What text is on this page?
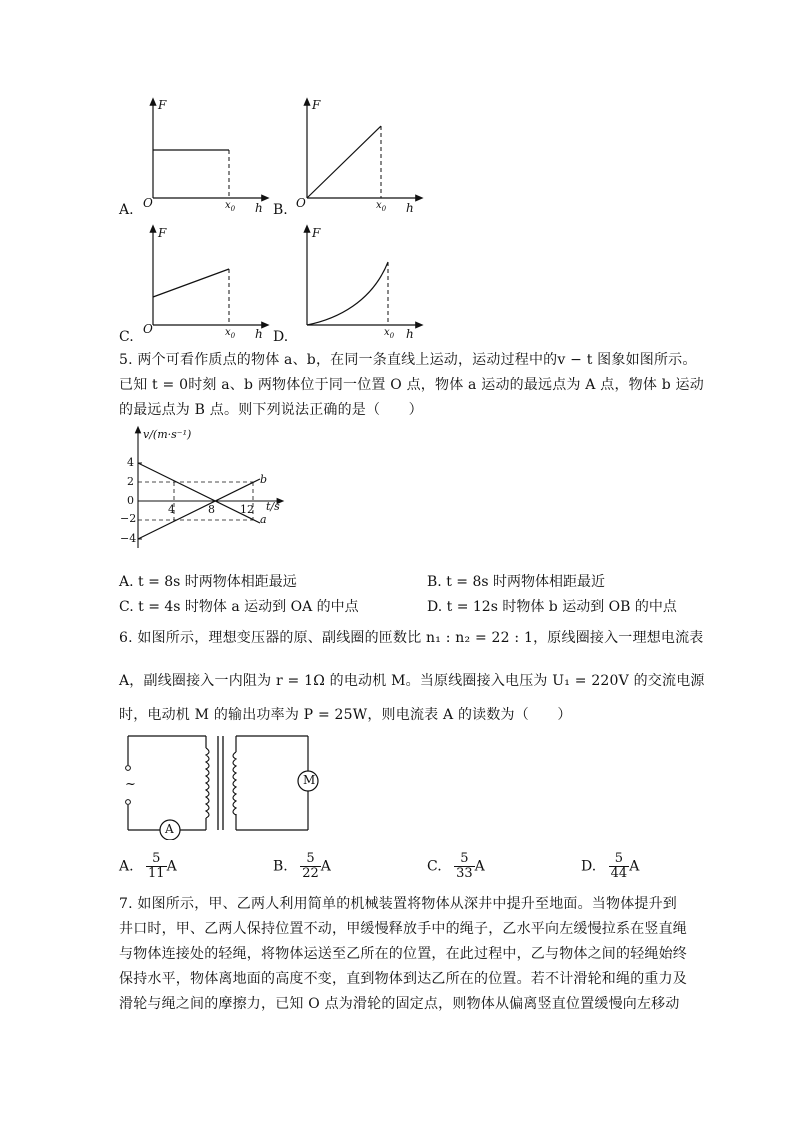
A.
F
O	$x_0$ h B.
F
O	$x_0$ h
C.
F
O	$x_0$ h D.
F
$x_0$ h
5. 两个可看作质点的物体 a、b，在同一条直线上运动，运动过程中的v − t 图象如图所示。
已知 t = 0时刻 a、b 两物体位于同一位置 O 点，物体 a 运动的最远点为 A 点，物体 b 运动
的最远点为 B 点。则下列说法正确的是（　　）
v/(m·s⁻¹)
t/s
4
2
0
−2
−4
4	8 12
b
a
A. t = 8s 时两物体相距最远	B. t = 8s 时两物体相距最近
C. t = 4s 时物体 a 运动到 OA 的中点	D. t = 12s 时物体 b 运动到 OB 的中点
6. 如图所示，理想变压器的原、副线圈的匝数比 n₁ : n₂ = 22 : 1，原线圈接入一理想电流表
A，副线圈接入一内阻为 r = 1Ω 的电动机 M。当原线圈接入电压为 U₁ = 220V 的交流电源
时，电动机 M 的输出功率为 P = 25W，则电流表 A 的读数为（　　）
~
A
M
A. $\frac{5}{11}$ A	B. $\frac{5}{22}$ A	C. $\frac{5}{33}$ A	D. $\frac{5}{44}$ A
7. 如图所示，甲、乙两人利用简单的机械装置将物体从深井中提升至地面。当物体提升到
井口时，甲、乙两人保持位置不动，甲缓慢释放手中的绳子，乙水平向左缓慢拉系在竖直绳
与物体连接处的轻绳，将物体运送至乙所在的位置，在此过程中，乙与物体之间的轻绳始终
保持水平，物体离地面的高度不变，直到物体到达乙所在的位置。若不计滑轮和绳的重力及
滑轮与绳之间的摩擦力，已知 O 点为滑轮的固定点，则物体从偏离竖直位置缓慢向左移动
